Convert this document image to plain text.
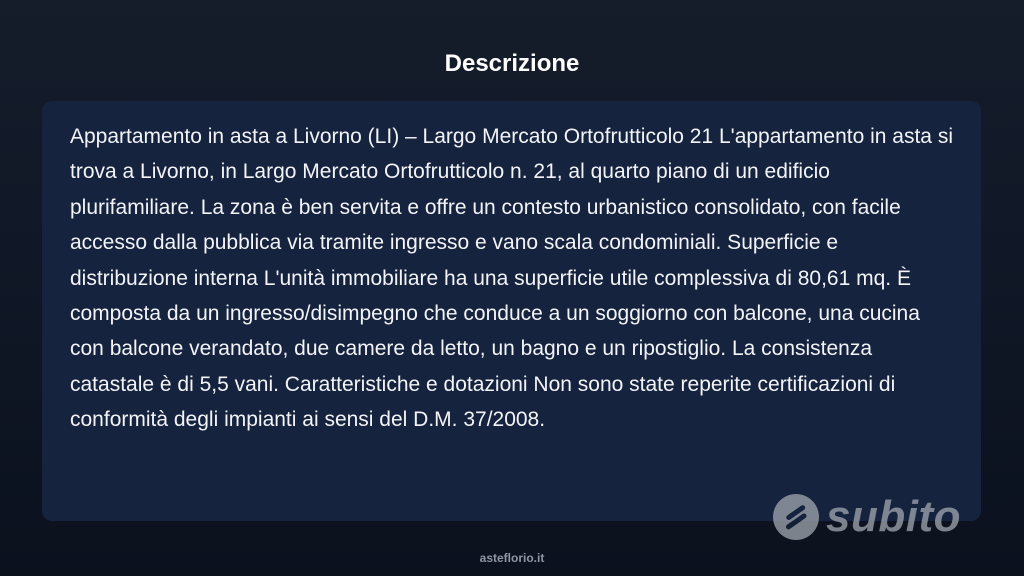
Descrizione
Appartamento in asta a Livorno (LI) – Largo Mercato Ortofrutticolo 21 L'appartamento in asta si trova a Livorno, in Largo Mercato Ortofrutticolo n. 21, al quarto piano di un edificio plurifamiliare. La zona è ben servita e offre un contesto urbanistico consolidato, con facile accesso dalla pubblica via tramite ingresso e vano scala condominiali. Superficie e distribuzione interna L'unità immobiliare ha una superficie utile complessiva di 80,61 mq. È composta da un ingresso/disimpegno che conduce a un soggiorno con balcone, una cucina con balcone verandato, due camere da letto, un bagno e un ripostiglio. La consistenza catastale è di 5,5 vani. Caratteristiche e dotazioni Non sono state reperite certificazioni di conformità degli impianti ai sensi del D.M. 37/2008.
subito
asteflorio.it
